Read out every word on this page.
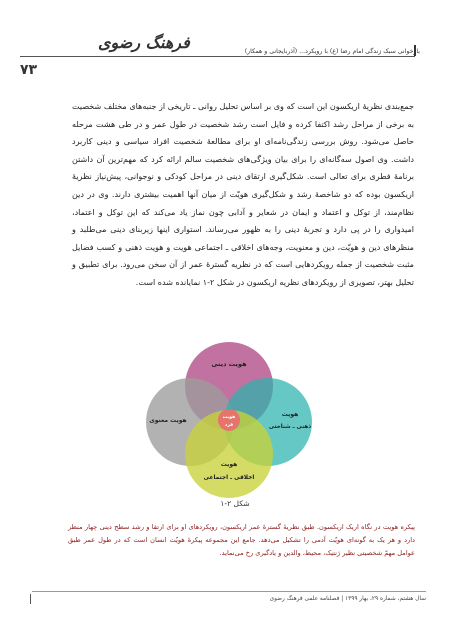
فرهنگ رضوی	بازخوانی سبک زندگی امام رضا (ع) با رویکرد... (آذربایجانی و همکار)
۷۳
جمع‌بندی نظریهٔ اریکسون این است که وی بر اساس تحلیل روانی ـ تاریخی از جنبه‌های مختلف شخصیت به برخی از مراحل رشد اکتفا کرده و فایل است رشد شخصیت در طول عمر و در طی هشت مرحله حاصل می‌شود. روش بررسی زندگی‌نامه‌ای او برای مطالعهٔ شخصیت افراد سیاسی و دینی کاربرد داشت. وی اصول سه‌گانه‌ای را برای بیان ویژگی‌های شخصیت سالم ارائه کرد که مهم‌ترین آن داشتن برنامهٔ فطری برای تعالی است. شکل‌گیری ارتقای دینی در مراحل کودکی و نوجوانی، پیش‌نیاز نظریهٔ اریکسون بوده که دو شاخصهٔ رشد و شکل‌گیری هویّت از میان آنها اهمیت بیشتری دارند. وی در دین نظام‌مند، از توکل و اعتماد و ایمان در شعایر و آدابی چون نماز یاد می‌کند که این توکل و اعتماد، امیدواری را در پی دارد و تجربهٔ دینی را به ظهور می‌رساند. استواری اینها زیربنای دینی می‌طلبد و منظرهای دین و هویّت، دین و معنویت، وجه‌های اخلاقی ـ اجتماعی هویت و هویت ذهنی و کسب فضایل مثبت شخصیت از جمله رویکردهایی است که در نظریه گسترهٔ عمر از آن سخن می‌رود. برای تطبیق و تحلیل بهتر، تصویری از رویکردهای نظریه اریکسون در شکل ۲-۱ نمایانده شده است.
هویت دینی
هویت معنوی
هویت
ذهنی ـ شناختی
هویت
اخلاقی ـ اجتماعی
هویت
فرد
شکل ۲-۱
پیکره هویت در نگاه اریک اریکسون. طبق نظریهٔ گسترهٔ عمر اریکسون، رویکردهای او برای ارتقا و رشد سطح دینی چهار منظر دارد و هر یک به گونه‌ای هویّت آدمی را تشکیل می‌دهد. جامع این مجموعه پیکرهٔ هویّت انسان است که در طول عمر طبق عوامل مهمّ شخصیتی نظیر ژنتیک، محیط، والدین و یادگیری رخ می‌نماید.
سال هشتم، شماره ۲۹، بهار ۱۳۹۹ | فصلنامه علمی فرهنگ رضوی
